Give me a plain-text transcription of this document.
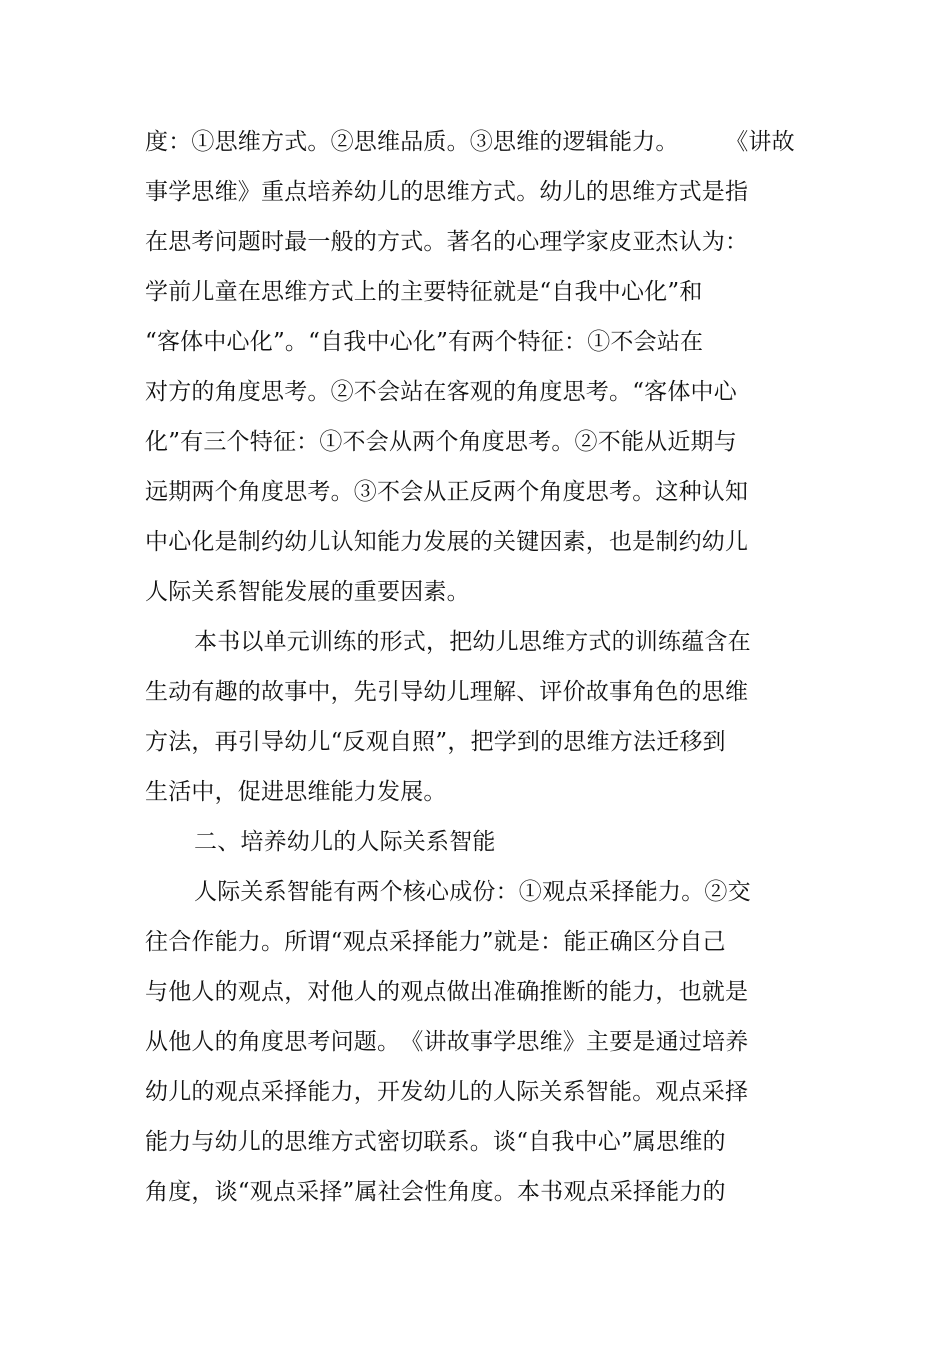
度：①思维方式。②思维品质。③思维的逻辑能力。　　　《讲故
事学思维》重点培养幼儿的思维方式。幼儿的思维方式是指
在思考问题时最一般的方式。著名的心理学家皮亚杰认为：
学前儿童在思维方式上的主要特征就是“自我中心化”和
“客体中心化”。“自我中心化”有两个特征：①不会站在
对方的角度思考。②不会站在客观的角度思考。“客体中心
化”有三个特征：①不会从两个角度思考。②不能从近期与
远期两个角度思考。③不会从正反两个角度思考。这种认知
中心化是制约幼儿认知能力发展的关键因素，也是制约幼儿
人际关系智能发展的重要因素。
本书以单元训练的形式，把幼儿思维方式的训练蕴含在
生动有趣的故事中，先引导幼儿理解、评价故事角色的思维
方法，再引导幼儿“反观自照”，把学到的思维方法迁移到
生活中，促进思维能力发展。
二、培养幼儿的人际关系智能
人际关系智能有两个核心成份：①观点采择能力。②交
往合作能力。所谓“观点采择能力”就是：能正确区分自己
与他人的观点，对他人的观点做出准确推断的能力，也就是
从他人的角度思考问题。　《讲故事学思维》主要是通过培养
幼儿的观点采择能力，开发幼儿的人际关系智能。观点采择
能力与幼儿的思维方式密切联系。谈“自我中心”属思维的
角度，谈“观点采择”属社会性角度。本书观点采择能力的
